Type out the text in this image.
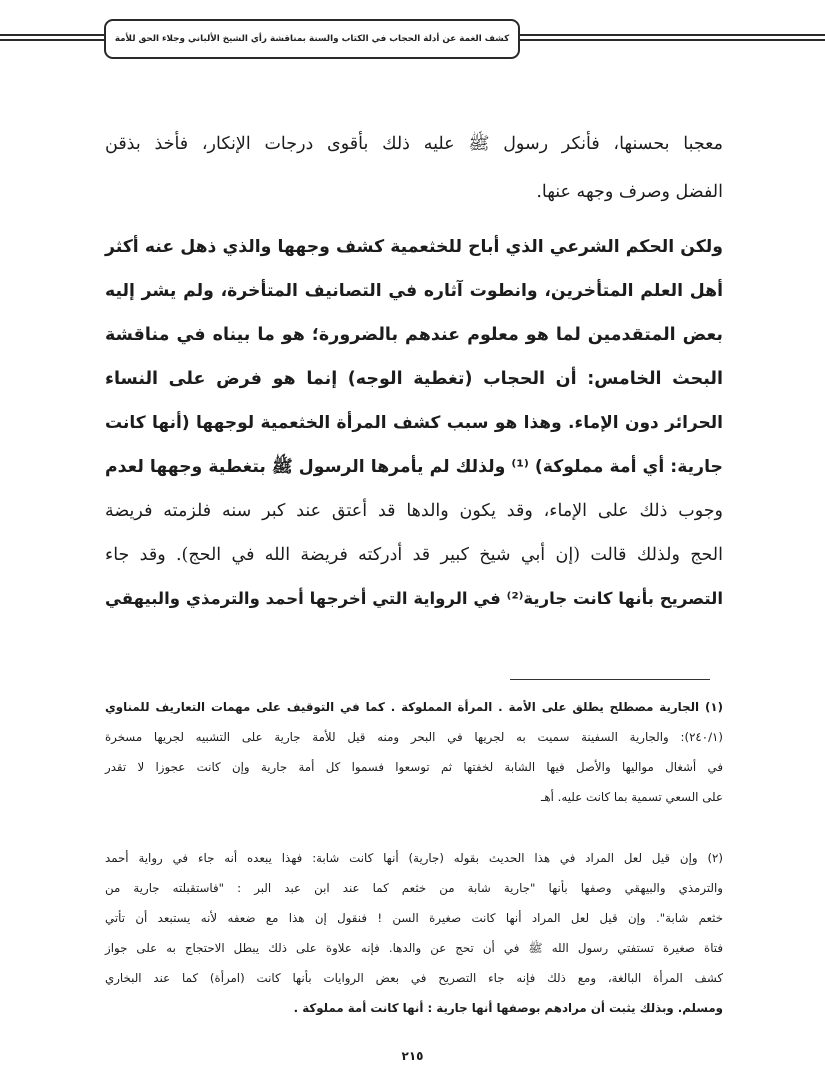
كشف الغمة عن أدلة الحجاب في الكتاب والسنة بمناقشة رأي الشيخ الألباني وجلاء الحق للأمة
معجبا بحسنها، فأنكر رسول ﷺ عليه ذلك بأقوى درجات الإنكار، فأخذ بذقن
الفضل وصرف وجهه عنها.
ولكن الحكم الشرعي الذي أباح للخثعمية كشف وجهها والذي ذهل عنه أكثر
أهل العلم المتأخرين، وانطوت آثاره في التصانيف المتأخرة، ولم يشر إليه
بعض المتقدمين لما هو معلوم عندهم بالضرورة؛ هو ما بيناه في مناقشة
البحث الخامس: أن الحجاب (تغطية الوجه) إنما هو فرض على النساء
الحرائر دون الإماء. وهذا هو سبب كشف المرأة الخثعمية لوجهها (أنها كانت
جارية: أي أمة مملوكة) ⁽¹⁾ ولذلك لم يأمرها الرسول ﷺ بتغطية وجهها لعدم
وجوب ذلك على الإماء، وقد يكون والدها قد أعتق عند كبر سنه فلزمته فريضة
الحج ولذلك قالت (إن أبي شيخ كبير قد أدركته فريضة الله في الحج). وقد جاء
التصريح بأنها كانت جارية⁽²⁾ في الرواية التي أخرجها أحمد والترمذي والبيهقي
(١) الجارية مصطلح يطلق على الأمة . المرأة المملوكة . كما في التوقيف على مهمات التعاريف للمناوي
(٢٤٠/١): والجارية السفينة سميت به لجريها في البحر ومنه قيل للأمة جارية على التشبيه لجريها مسخرة
في أشغال مواليها والأصل فيها الشابة لخفتها ثم توسعوا فسموا كل أمة جارية وإن كانت عجوزا لا تقدر
على السعي تسمية بما كانت عليه. أهـ
(٢) وإن قيل لعل المراد في هذا الحديث بقوله (جارية) أنها كانت شابة: فهذا يبعده أنه جاء في رواية أحمد
والترمذي والبيهقي وصفها بأنها "جارية شابة من خثعم كما عند ابن عبد البر : "فاستقبلته جارية من
خثعم شابة". وإن قيل لعل المراد أنها كانت صغيرة السن ! فنقول إن هذا مع ضعفه لأنه يستبعد أن تأتي
فتاة صغيرة تستفتي رسول الله ﷺ في أن تحج عن والدها. فإنه علاوة على ذلك يبطل الاحتجاج به على جواز
كشف المرأة البالغة، ومع ذلك فإنه جاء التصريح في بعض الروايات بأنها كانت (امرأة) كما عند البخاري
ومسلم. وبذلك يثبت أن مرادهم بوصفها أنها جارية : أنها كانت أمة مملوكة .
٢١٥
